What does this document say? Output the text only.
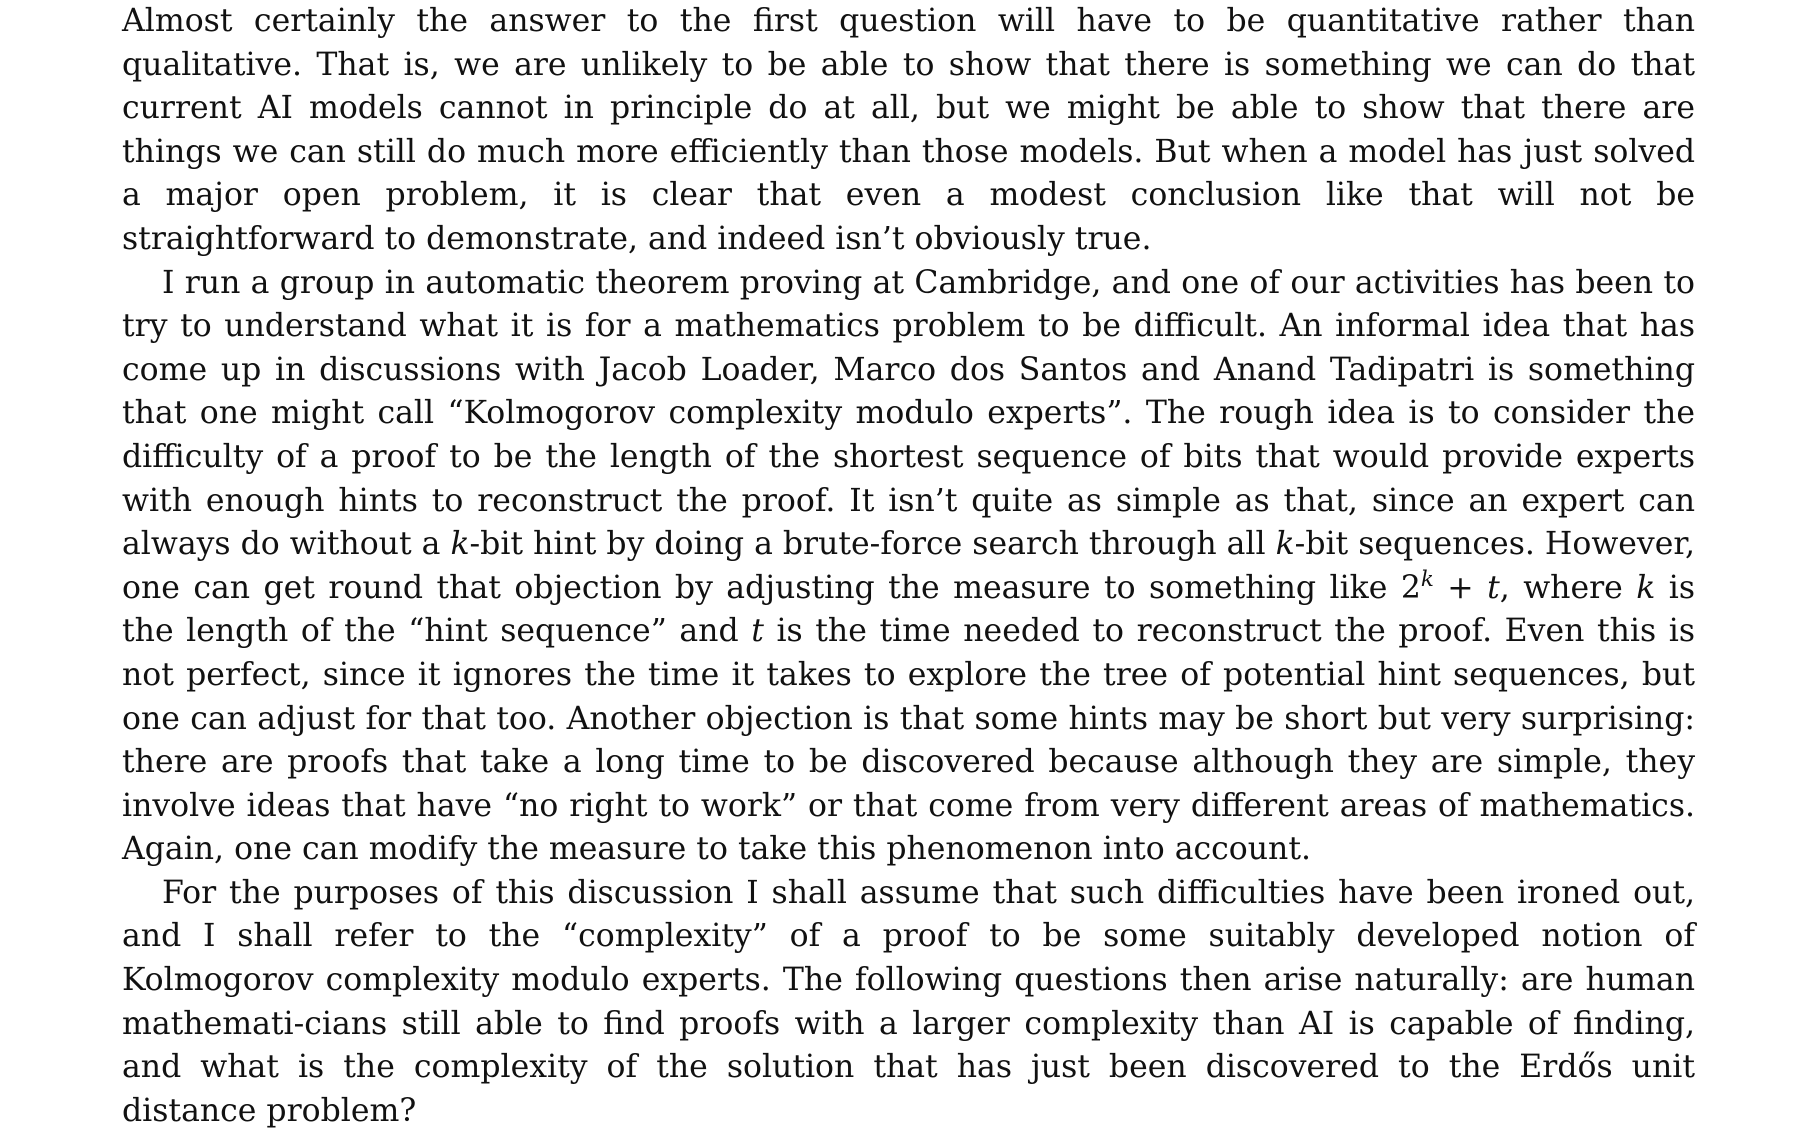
Almost certainly the answer to the first question will have to be quantitative rather than qualitative. That is, we are unlikely to be able to show that there is something we can do that current AI models cannot in principle do at all, but we might be able to show that there are things we can still do much more efficiently than those models. But when a model has just solved a major open problem, it is clear that even a modest conclusion like that will not be straightforward to demonstrate, and indeed isn’t obviously true.

I run a group in automatic theorem proving at Cambridge, and one of our activities has been to try to understand what it is for a mathematics problem to be difficult. An informal idea that has come up in discussions with Jacob Loader, Marco dos Santos and Anand Tadipatri is something that one might call “Kolmogorov complexity modulo experts”. The rough idea is to consider the difficulty of a proof to be the length of the shortest sequence of bits that would provide experts with enough hints to reconstruct the proof. It isn’t quite as simple as that, since an expert can always do without a k-bit hint by doing a brute-force search through all k-bit sequences. However, one can get round that objection by adjusting the measure to something like $2^k + t$, where k is the length of the “hint sequence” and t is the time needed to reconstruct the proof. Even this is not perfect, since it ignores the time it takes to explore the tree of potential hint sequences, but one can adjust for that too. Another objection is that some hints may be short but very surprising: there are proofs that take a long time to be discovered because although they are simple, they involve ideas that have “no right to work” or that come from very different areas of mathematics. Again, one can modify the measure to take this phenomenon into account.

For the purposes of this discussion I shall assume that such difficulties have been ironed out, and I shall refer to the “complexity” of a proof to be some suitably developed notion of Kolmogorov complexity modulo experts. The following questions then arise naturally: are human mathemati-cians still able to find proofs with a larger complexity than AI is capable of finding, and what is the complexity of the solution that has just been discovered to the Erdős unit distance problem?
